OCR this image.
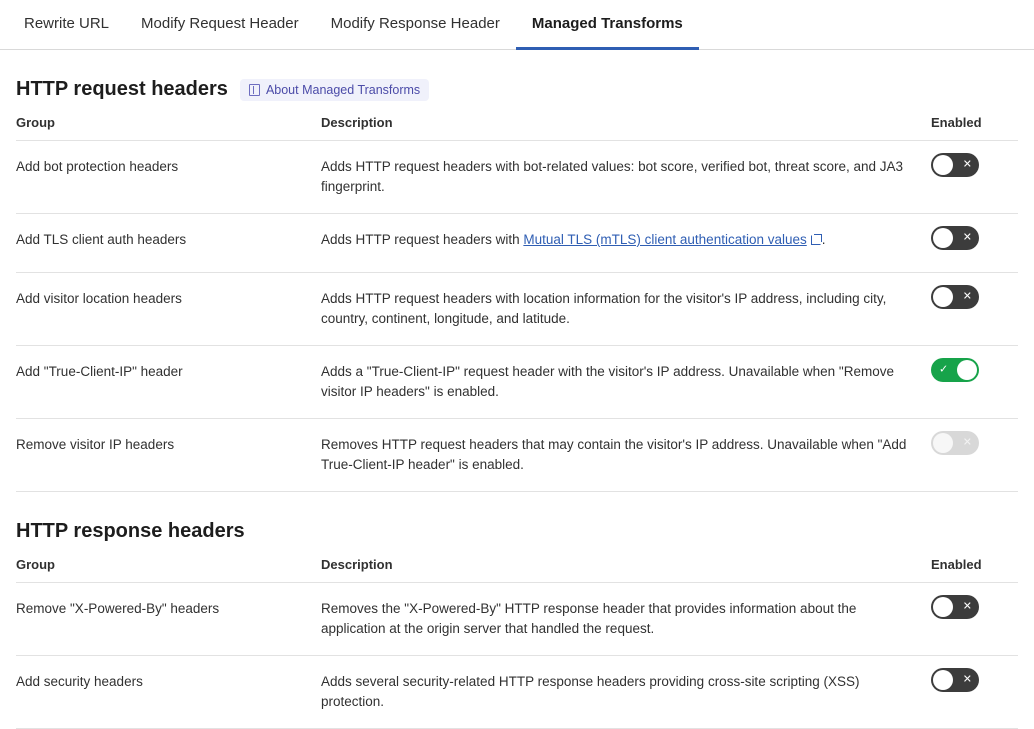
Rewrite URL Modify Request Header Modify Response Header Managed Transforms
HTTP request headers	About Managed Transforms
Group	Description	Enabled
Add bot protection headers	Adds HTTP request headers with bot-related values: bot score, verified bot, threat score, and JA3 fingerprint.	✕

Add TLS client auth headers	Adds HTTP request headers with Mutual TLS (mTLS) client authentication values .	✕

Add visitor location headers	Adds HTTP request headers with location information for the visitor's IP address, including city, country, continent, longitude, and latitude.	✕

Add "True-Client-IP" header	Adds a "True-Client-IP" request header with the visitor's IP address. Unavailable when "Remove visitor IP headers" is enabled.	✓

Remove visitor IP headers	Removes HTTP request headers that may contain the visitor's IP address. Unavailable when "Add True-Client-IP header" is enabled.	✕
HTTP response headers
Group	Description	Enabled
Remove "X-Powered-By" headers	Removes the "X-Powered-By" HTTP response header that provides information about the application at the origin server that handled the request.	✕

Add security headers	Adds several security-related HTTP response headers providing cross-site scripting (XSS) protection.	✕
